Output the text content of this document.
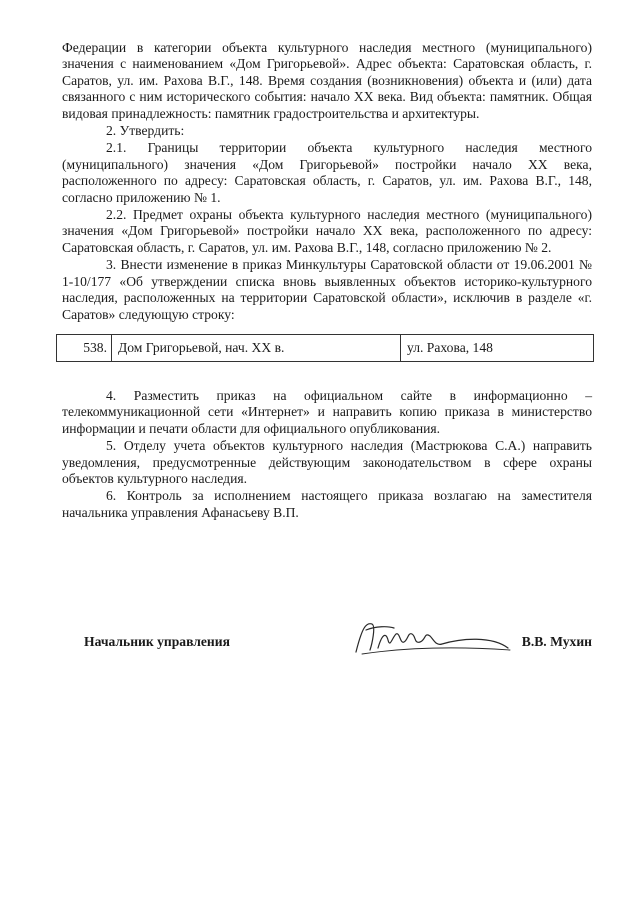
Федерации в категории объекта культурного наследия местного (муниципального) значения с наименованием «Дом Григорьевой». Адрес объекта: Саратовская область, г. Саратов, ул. им. Рахова В.Г., 148. Время создания (возникновения) объекта и (или) дата связанного с ним исторического события: начало XX века. Вид объекта: памятник. Общая видовая принадлежность: памятник градостроительства и архитектуры.

2. Утвердить:

2.1. Границы территории объекта культурного наследия местного (муниципального) значения «Дом Григорьевой» постройки начало XX века, расположенного по адресу: Саратовская область, г. Саратов, ул. им. Рахова В.Г., 148, согласно приложению № 1.

2.2. Предмет охраны объекта культурного наследия местного (муниципального) значения «Дом Григорьевой» постройки начало XX века, расположенного по адресу: Саратовская область, г. Саратов, ул. им. Рахова В.Г., 148, согласно приложению № 2.

3. Внести изменение в приказ Минкультуры Саратовской области от 19.06.2001 № 1-10/177 «Об утверждении списка вновь выявленных объектов историко-культурного наследия, расположенных на территории Саратовской области», исключив в разделе «г. Саратов» следующую строку:

538.	Дом Григорьевой, нач. XX в.	ул. Рахова, 148

4. Разместить приказ на официальном сайте в информационно – телекоммуникационной сети «Интернет» и направить копию приказа в министерство информации и печати области для официального опубликования.

5. Отделу учета объектов культурного наследия (Мастрюкова С.А.) направить уведомления, предусмотренные действующим законодательством в сфере охраны объектов культурного наследия.

6. Контроль за исполнением настоящего приказа возлагаю на заместителя начальника управления Афанасьеву В.П.

Начальник управления	В.В. Мухин
